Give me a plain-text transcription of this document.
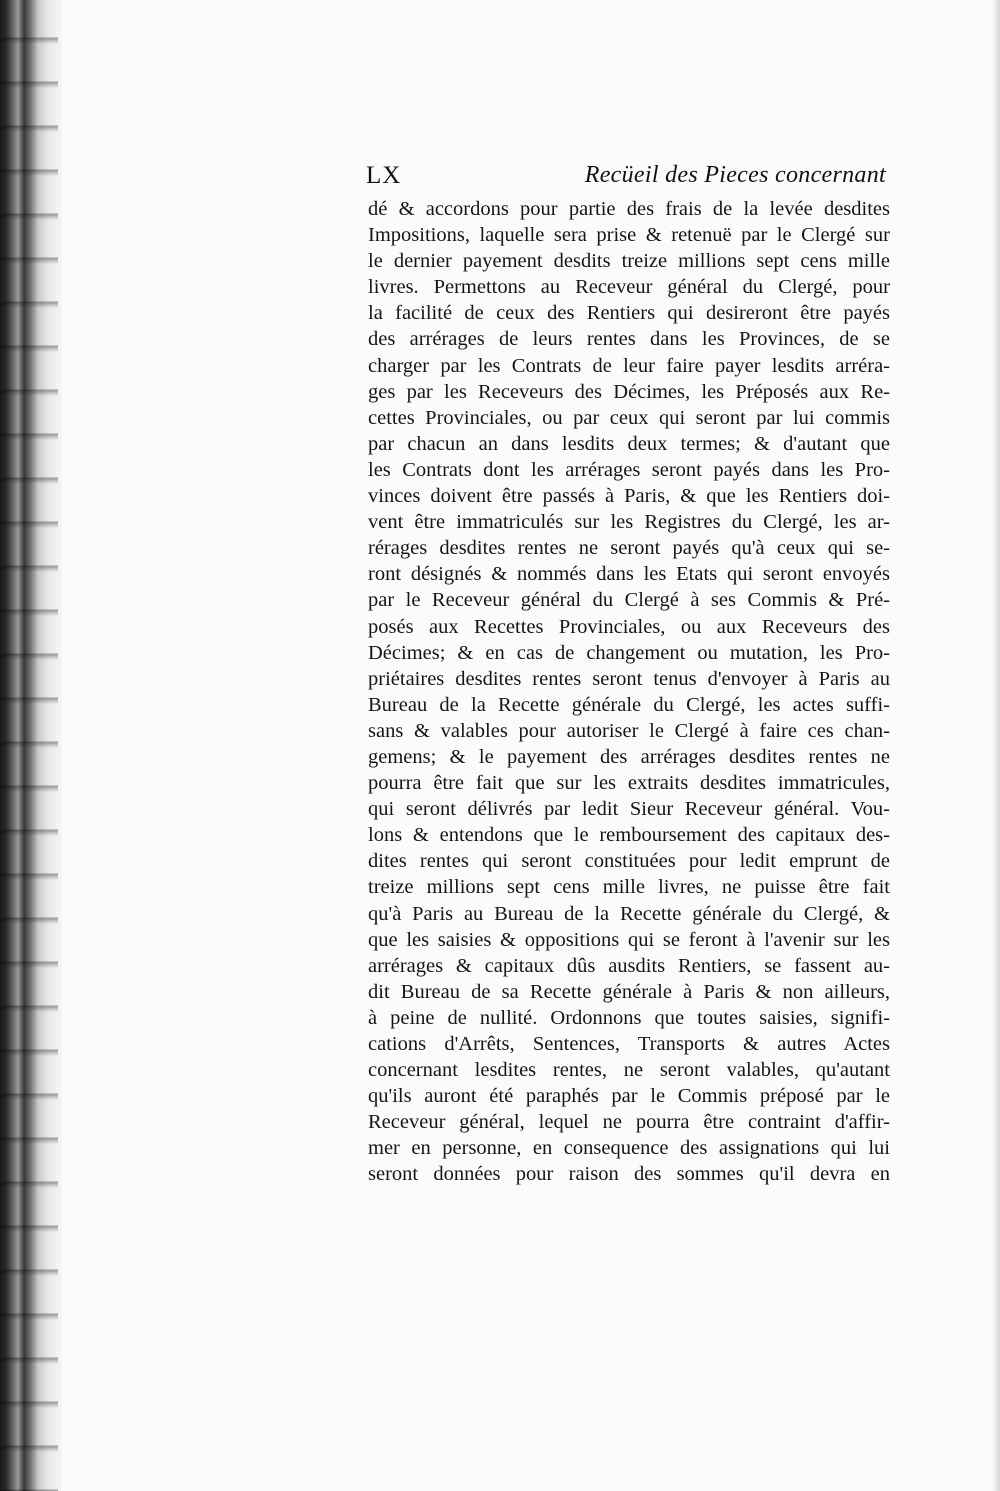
LX	Recüeil des Pieces concernant
dé & accordons pour partie des frais de la levée desdites
Impositions, laquelle sera prise & retenuë par le Clergé sur
le dernier payement desdits treize millions sept cens mille
livres. Permettons au Receveur général du Clergé, pour
la facilité de ceux des Rentiers qui desireront être payés
des arrérages de leurs rentes dans les Provinces, de se
charger par les Contrats de leur faire payer lesdits arréra-
ges par les Receveurs des Décimes, les Préposés aux Re-
cettes Provinciales, ou par ceux qui seront par lui commis
par chacun an dans lesdits deux termes; & d'autant que
les Contrats dont les arrérages seront payés dans les Pro-
vinces doivent être passés à Paris, & que les Rentiers doi-
vent être immatriculés sur les Registres du Clergé, les ar-
rérages desdites rentes ne seront payés qu'à ceux qui se-
ront désignés & nommés dans les Etats qui seront envoyés
par le Receveur général du Clergé à ses Commis & Pré-
posés aux Recettes Provinciales, ou aux Receveurs des
Décimes; & en cas de changement ou mutation, les Pro-
priétaires desdites rentes seront tenus d'envoyer à Paris au
Bureau de la Recette générale du Clergé, les actes suffi-
sans & valables pour autoriser le Clergé à faire ces chan-
gemens; & le payement des arrérages desdites rentes ne
pourra être fait que sur les extraits desdites immatricules,
qui seront délivrés par ledit Sieur Receveur général. Vou-
lons & entendons que le remboursement des capitaux des-
dites rentes qui seront constituées pour ledit emprunt de
treize millions sept cens mille livres, ne puisse être fait
qu'à Paris au Bureau de la Recette générale du Clergé, &
que les saisies & oppositions qui se feront à l'avenir sur les
arrérages & capitaux dûs ausdits Rentiers, se fassent au-
dit Bureau de sa Recette générale à Paris & non ailleurs,
à peine de nullité. Ordonnons que toutes saisies, signifi-
cations d'Arrêts, Sentences, Transports & autres Actes
concernant lesdites rentes, ne seront valables, qu'autant
qu'ils auront été paraphés par le Commis préposé par le
Receveur général, lequel ne pourra être contraint d'affir-
mer en personne, en consequence des assignations qui lui
seront données pour raison des sommes qu'il devra en
